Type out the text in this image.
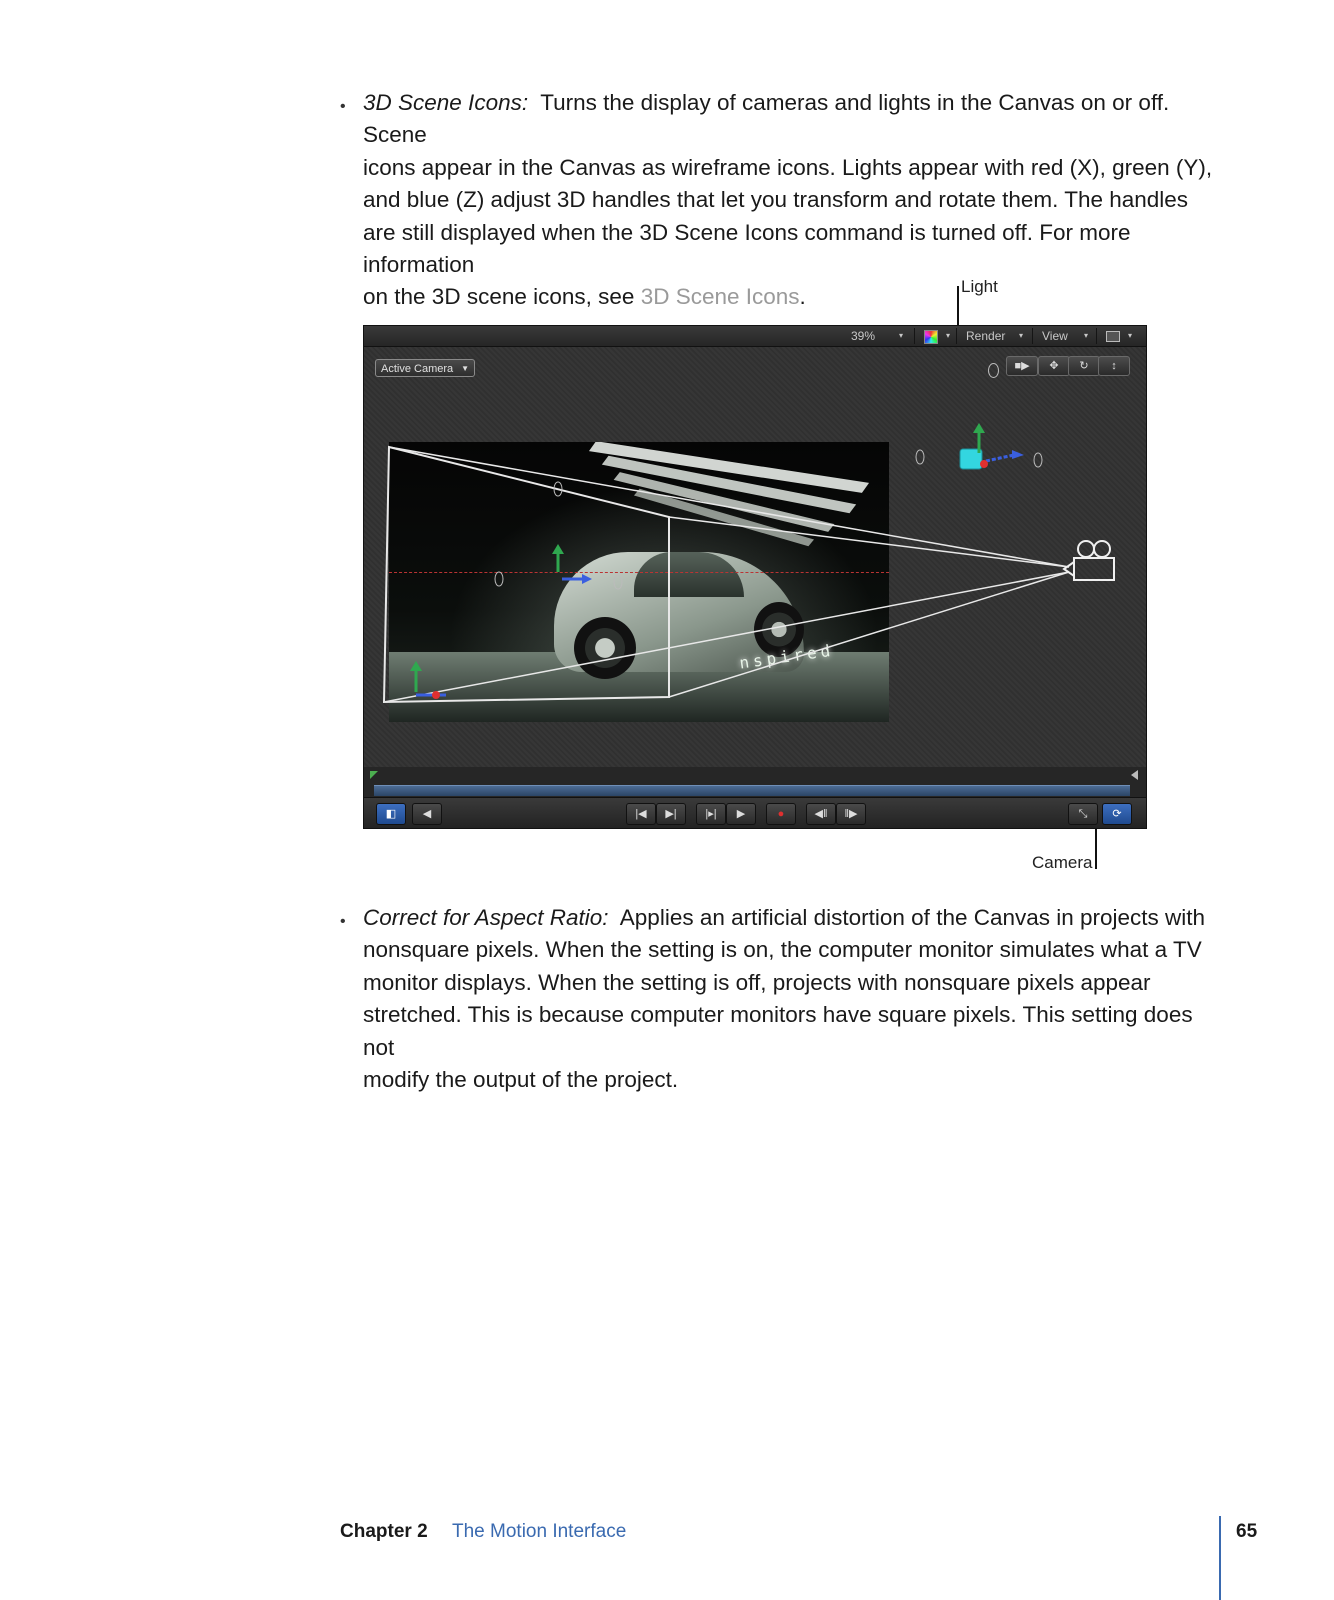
• 3D Scene Icons: Turns the display of cameras and lights in the Canvas on or off. Scene
icons appear in the Canvas as wireframe icons. Lights appear with red (X), green (Y),
and blue (Z) adjust 3D handles that let you transform and rotate them. The handles
are still displayed when the 3D Scene Icons command is turned off. For more information
on the 3D scene icons, see 3D Scene Icons.	Light
Camera
39%	▾	▾ Render ▾ View ▾	▾
Active Camera ▼	■▶	✥	↻	↕
nspired
◧	◀	|◀	▶|	|▸|	▶	●	◀‖	‖▶	⤡	⟳
• Correct for Aspect Ratio: Applies an artificial distortion of the Canvas in projects with
nonsquare pixels. When the setting is on, the computer monitor simulates what a TV
monitor displays. When the setting is off, projects with nonsquare pixels appear
stretched. This is because computer monitors have square pixels. This setting does not
modify the output of the project.
Chapter 2 The Motion Interface	65
